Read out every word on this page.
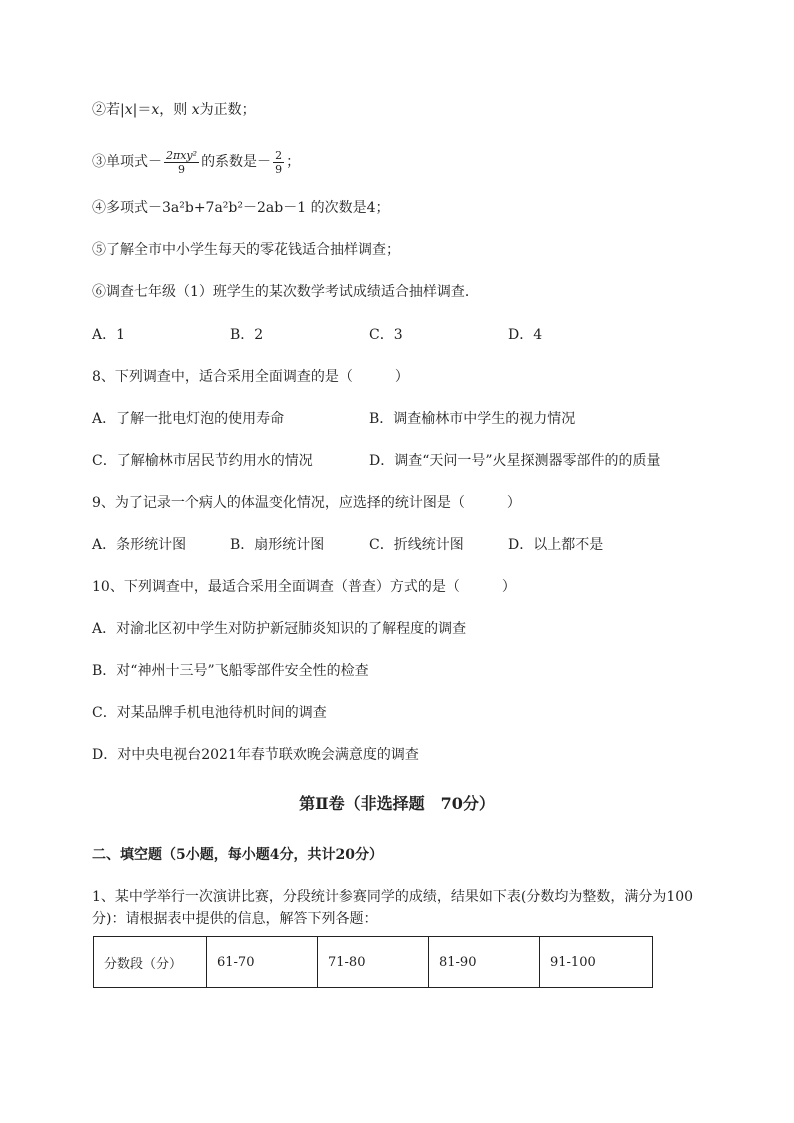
②若|x|＝x，则 x为正数；
③单项式－ $\frac{\text{2πxy²}}{9}$ 的系数是－ $\frac{2}{9}$ ；
④多项式－3a²b+7a²b²－2ab－1 的次数是4；
⑤了解全市中小学生每天的零花钱适合抽样调查；
⑥调查七年级（1）班学生的某次数学考试成绩适合抽样调查．
A．1	B．2	C．3	D．4
8、下列调查中，适合采用全面调查的是（　　　）
A．了解一批电灯泡的使用寿命	B．调查榆林市中学生的视力情况
C．了解榆林市居民节约用水的情况	D．调查“天问一号”火星探测器零部件的的质量
9、为了记录一个病人的体温变化情况，应选择的统计图是（　　　）
A．条形统计图	B．扇形统计图	C．折线统计图	D．以上都不是
10、下列调查中，最适合采用全面调查（普查）方式的是（　　　）
A．对渝北区初中学生对防护新冠肺炎知识的了解程度的调查
B．对“神州十三号”飞船零部件安全性的检查
C．对某品牌手机电池待机时间的调查
D．对中央电视台2021年春节联欢晚会满意度的调查
第Ⅱ卷（非选择题　70分）
二、填空题（5小题，每小题4分，共计20分）
1、某中学举行一次演讲比赛，分段统计参赛同学的成绩，结果如下表(分数均为整数，满分为100分)：请根据表中提供的信息，解答下列各题：
分数段（分）	61-70	71-80	81-90	91-100
